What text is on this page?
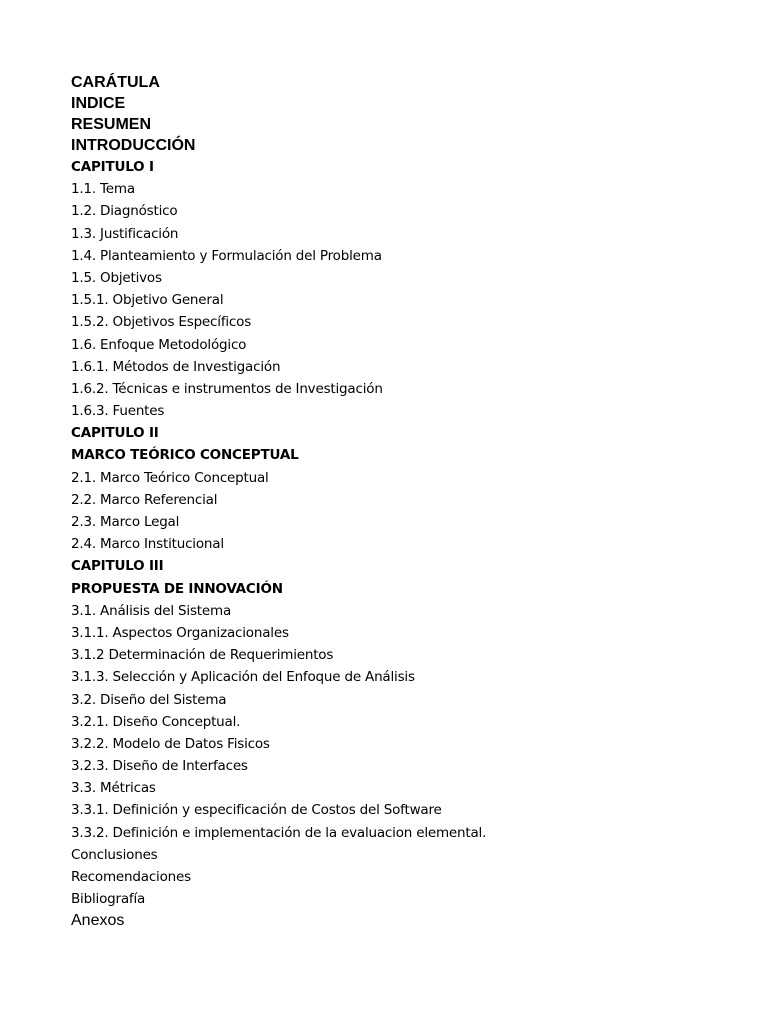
CARÁTULA
INDICE
RESUMEN
INTRODUCCIÓN
CAPITULO I
1.1. Tema
1.2. Diagnóstico
1.3. Justificación
1.4. Planteamiento y Formulación del Problema
1.5. Objetivos
1.5.1. Objetivo General
1.5.2. Objetivos Específicos
1.6. Enfoque Metodológico
1.6.1. Métodos de Investigación
1.6.2. Técnicas e instrumentos de Investigación
1.6.3. Fuentes
CAPITULO II
MARCO TEÓRICO CONCEPTUAL
2.1. Marco Teórico Conceptual
2.2. Marco Referencial
2.3. Marco Legal
2.4. Marco Institucional
CAPITULO III
PROPUESTA DE INNOVACIÓN
3.1. Análisis del Sistema
3.1.1. Aspectos Organizacionales
3.1.2 Determinación de Requerimientos
3.1.3. Selección y Aplicación del Enfoque de Análisis
3.2. Diseño del Sistema
3.2.1. Diseño Conceptual.
3.2.2. Modelo de Datos Fisicos
3.2.3. Diseño de Interfaces
3.3. Métricas
3.3.1. Definición y especificación de Costos del Software
3.3.2. Definición e implementación de la evaluacion elemental.
Conclusiones
Recomendaciones
Bibliografía
Anexos
